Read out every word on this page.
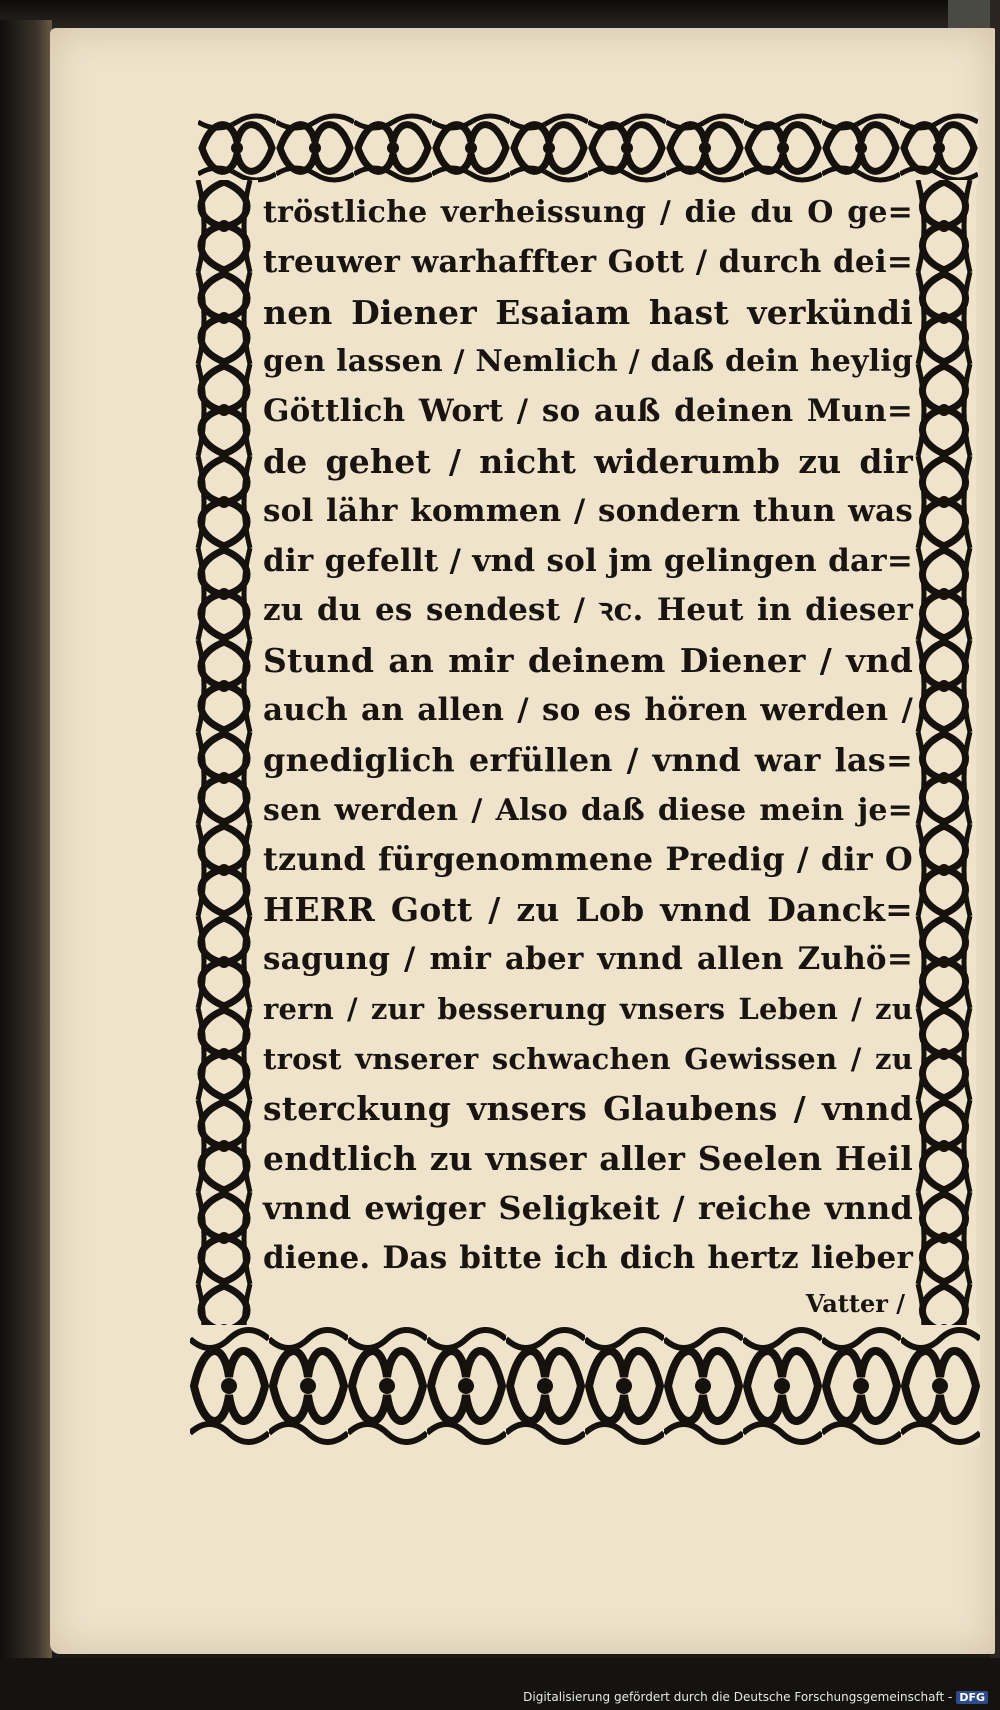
tröstliche verheissung / die du O ge=
treuwer warhaffter Gott / durch dei=
nen Diener Esaiam hast verkündi
gen lassen / Nemlich / daß dein heylig
Göttlich Wort / so auß deinen Mun=
de gehet / nicht widerumb zu dir
sol lähr kommen / sondern thun was
dir gefellt / vnd sol jm gelingen dar=
zu du es sendest / ꝛc. Heut in dieser
Stund an mir deinem Diener / vnd
auch an allen / so es hören werden /
gnediglich erfüllen / vnnd war las=
sen werden / Also daß diese mein je=
tzund fürgenommene Predig / dir O
HERR Gott / zu Lob vnnd Danck=
sagung / mir aber vnnd allen Zuhö=
rern / zur besserung vnsers Leben / zu
trost vnserer schwachen Gewissen / zu
sterckung vnsers Glaubens / vnnd
endtlich zu vnser aller Seelen Heil
vnnd ewiger Seligkeit / reiche vnnd
diene. Das bitte ich dich hertz lieber
Vatter /
Digitalisierung gefördert durch die Deutsche Forschungsgemeinschaft - DFG
